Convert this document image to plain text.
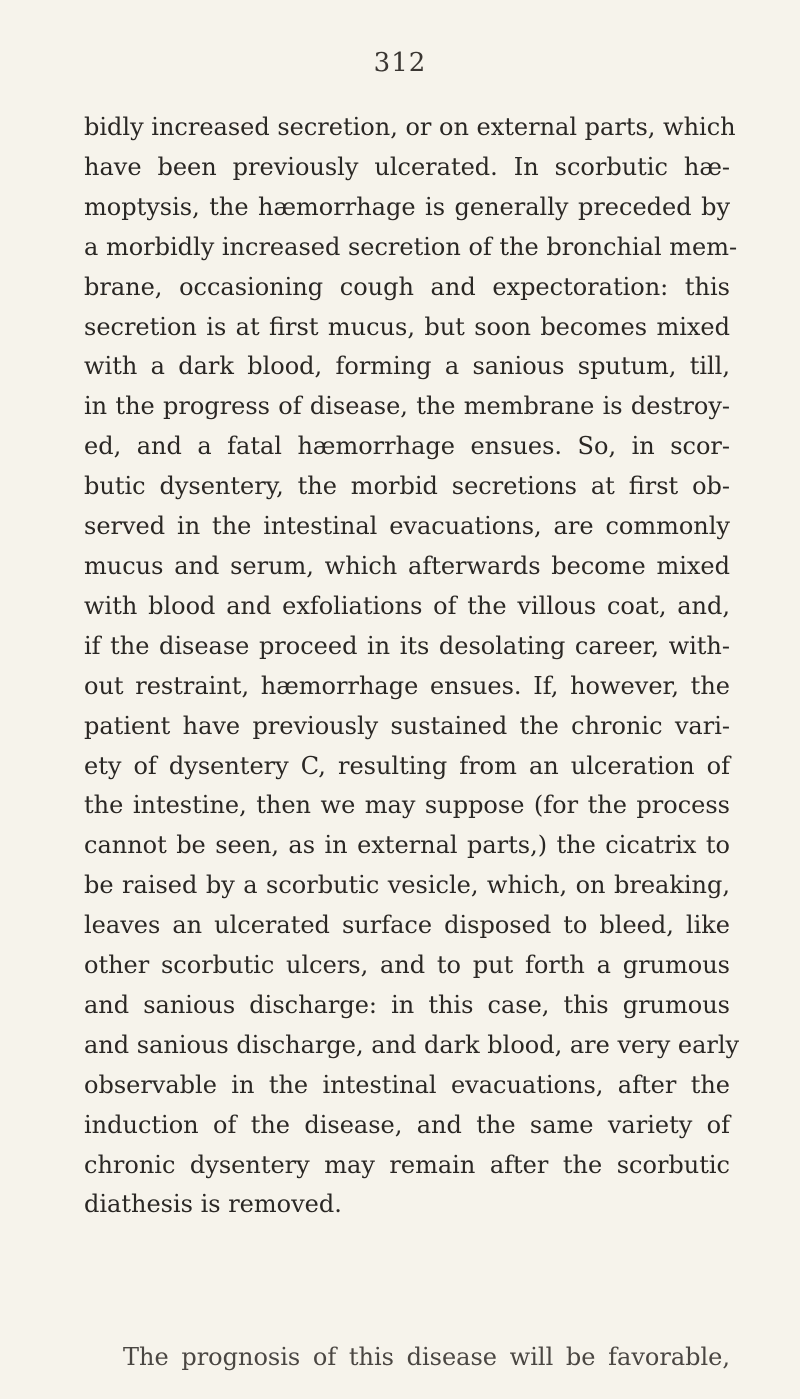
312
bidly increased secretion, or on external parts, which
have been previously ulcerated. In scorbutic hæ-
moptysis, the hæmorrhage is generally preceded by
a morbidly increased secretion of the bronchial mem-
brane, occasioning cough and expectoration: this
secretion is at first mucus, but soon becomes mixed
with a dark blood, forming a sanious sputum, till,
in the progress of disease, the membrane is destroy-
ed, and a fatal hæmorrhage ensues. So, in scor-
butic dysentery, the morbid secretions at first ob-
served in the intestinal evacuations, are commonly
mucus and serum, which afterwards become mixed
with blood and exfoliations of the villous coat, and,
if the disease proceed in its desolating career, with-
out restraint, hæmorrhage ensues. If, however, the
patient have previously sustained the chronic vari-
ety of dysentery C, resulting from an ulceration of
the intestine, then we may suppose (for the process
cannot be seen, as in external parts,) the cicatrix to
be raised by a scorbutic vesicle, which, on breaking,
leaves an ulcerated surface disposed to bleed, like
other scorbutic ulcers, and to put forth a grumous
and sanious discharge: in this case, this grumous
and sanious discharge, and dark blood, are very early
observable in the intestinal evacuations, after the
induction of the disease, and the same variety of
chronic dysentery may remain after the scorbutic
diathesis is removed.
The prognosis of this disease will be favorable,
